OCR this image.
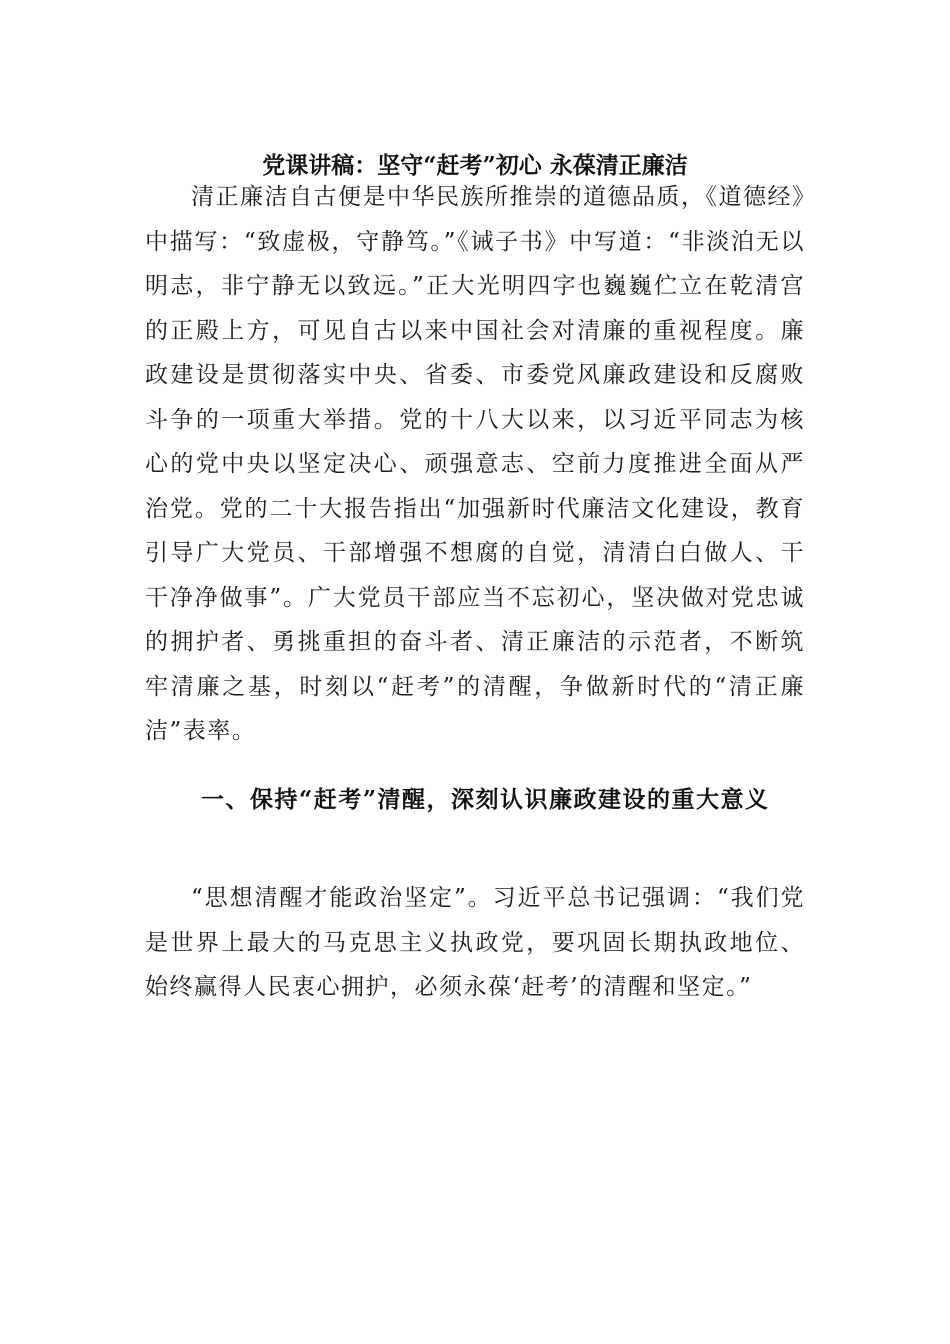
党课讲稿：坚守“赶考”初心 永葆清正廉洁

清正廉洁自古便是中华民族所推崇的道德品质，《道德经》中描写：“致虚极，守静笃。”《诫子书》中写道：“非淡泊无以明志，非宁静无以致远。”正大光明四字也巍巍伫立在乾清宫的正殿上方，可见自古以来中国社会对清廉的重视程度。廉政建设是贯彻落实中央、省委、市委党风廉政建设和反腐败斗争的一项重大举措。党的十八大以来，以习近平同志为核心的党中央以坚定决心、顽强意志、空前力度推进全面从严治党。党的二十大报告指出“加强新时代廉洁文化建设，教育引导广大党员、干部增强不想腐的自觉，清清白白做人、干干净净做事”。广大党员干部应当不忘初心，坚决做对党忠诚的拥护者、勇挑重担的奋斗者、清正廉洁的示范者，不断筑牢清廉之基，时刻以“赶考”的清醒，争做新时代的“清正廉洁”表率。

一、保持“赶考”清醒，深刻认识廉政建设的重大意义

“思想清醒才能政治坚定”。习近平总书记强调：“我们党是世界上最大的马克思主义执政党，要巩固长期执政地位、始终赢得人民衷心拥护，必须永葆‘赶考’的清醒和坚定。”
